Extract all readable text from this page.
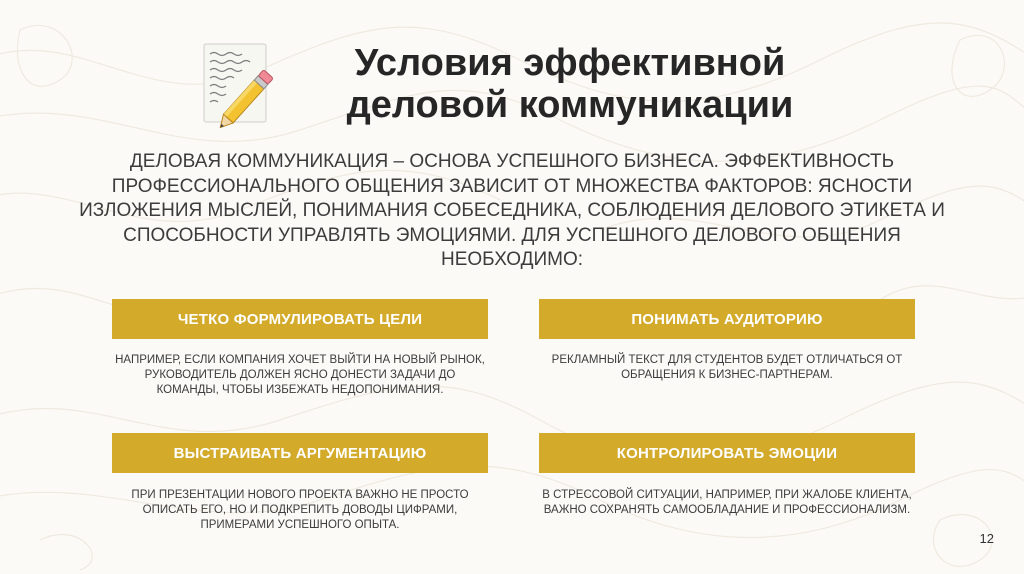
Условия эффективной
деловой коммуникации

ДЕЛОВАЯ КОММУНИКАЦИЯ – ОСНОВА УСПЕШНОГО БИЗНЕСА. ЭФФЕКТИВНОСТЬ ПРОФЕССИОНАЛЬНОГО ОБЩЕНИЯ ЗАВИСИТ ОТ МНОЖЕСТВА ФАКТОРОВ: ЯСНОСТИ ИЗЛОЖЕНИЯ МЫСЛЕЙ, ПОНИМАНИЯ СОБЕСЕДНИКА, СОБЛЮДЕНИЯ ДЕЛОВОГО ЭТИКЕТА И СПОСОБНОСТИ УПРАВЛЯТЬ ЭМОЦИЯМИ. ДЛЯ УСПЕШНОГО ДЕЛОВОГО ОБЩЕНИЯ НЕОБХОДИМО:

ЧЕТКО ФОРМУЛИРОВАТЬ ЦЕЛИ

НАПРИМЕР, ЕСЛИ КОМПАНИЯ ХОЧЕТ ВЫЙТИ НА НОВЫЙ РЫНОК, РУКОВОДИТЕЛЬ ДОЛЖЕН ЯСНО ДОНЕСТИ ЗАДАЧИ ДО КОМАНДЫ, ЧТОБЫ ИЗБЕЖАТЬ НЕДОПОНИМАНИЯ.

ПОНИМАТЬ АУДИТОРИЮ

РЕКЛАМНЫЙ ТЕКСТ ДЛЯ СТУДЕНТОВ БУДЕТ ОТЛИЧАТЬСЯ ОТ ОБРАЩЕНИЯ К БИЗНЕС-ПАРТНЕРАМ.

ВЫСТРАИВАТЬ АРГУМЕНТАЦИЮ

ПРИ ПРЕЗЕНТАЦИИ НОВОГО ПРОЕКТА ВАЖНО НЕ ПРОСТО ОПИСАТЬ ЕГО, НО И ПОДКРЕПИТЬ ДОВОДЫ ЦИФРАМИ, ПРИМЕРАМИ УСПЕШНОГО ОПЫТА.

КОНТРОЛИРОВАТЬ ЭМОЦИИ

В СТРЕССОВОЙ СИТУАЦИИ, НАПРИМЕР, ПРИ ЖАЛОБЕ КЛИЕНТА, ВАЖНО СОХРАНЯТЬ САМООБЛАДАНИЕ И ПРОФЕССИОНАЛИЗМ.

12
